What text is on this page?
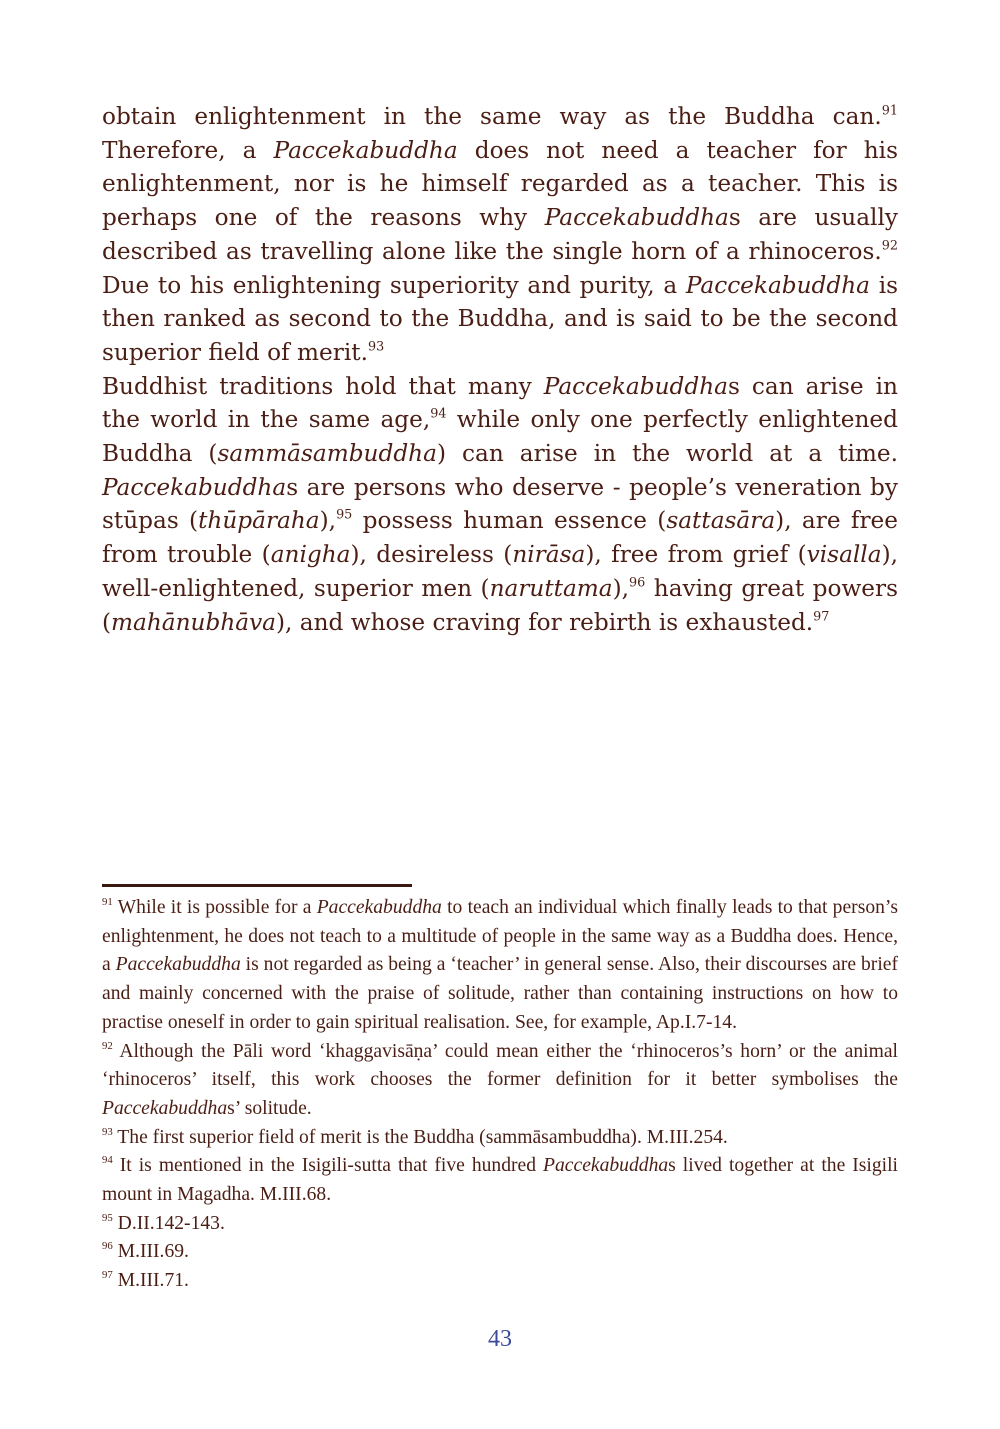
obtain enlightenment in the same way as the Buddha can.$^{91}$ Therefore, a Paccekabuddha does not need a teacher for his enlightenment, nor is he himself regarded as a teacher. This is perhaps one of the reasons why Paccekabuddhas are usually described as travelling alone like the single horn of a rhinoceros.$^{92}$ Due to his enlightening superiority and purity, a Paccekabuddha is then ranked as second to the Buddha, and is said to be the second superior field of merit.$^{93}$

Buddhist traditions hold that many Paccekabuddhas can arise in the world in the same age,$^{94}$ while only one perfectly enlightened Buddha (sammāsambuddha) can arise in the world at a time. Paccekabuddhas are persons who deserve - people’s veneration by stūpas (thūpāraha),$^{95}$ possess human essence (sattasāra), are free from trouble (anigha), desireless (nirāsa), free from grief (visalla), well-enlightened, superior men (naruttama),$^{96}$ having great powers (mahānubhāva), and whose craving for rebirth is exhausted.$^{97}$

$^{91}$ While it is possible for a Paccekabuddha to teach an individual which finally leads to that person’s enlightenment, he does not teach to a multitude of people in the same way as a Buddha does. Hence, a Paccekabuddha is not regarded as being a ‘teacher’ in general sense. Also, their discourses are brief and mainly concerned with the praise of solitude, rather than containing instructions on how to practise oneself in order to gain spiritual realisation. See, for example, Ap.I.7-14.

$^{92}$ Although the Pāli word ‘khaggavisāṇa’ could mean either the ‘rhinoceros’s horn’ or the animal ‘rhinoceros’ itself, this work chooses the former definition for it better symbolises the Paccekabuddhas’ solitude.

$^{93}$ The first superior field of merit is the Buddha (sammāsambuddha). M.III.254.

$^{94}$ It is mentioned in the Isigili-sutta that five hundred Paccekabuddhas lived together at the Isigili mount in Magadha. M.III.68.

$^{95}$ D.II.142-143.

$^{96}$ M.III.69.

$^{97}$ M.III.71.

43
